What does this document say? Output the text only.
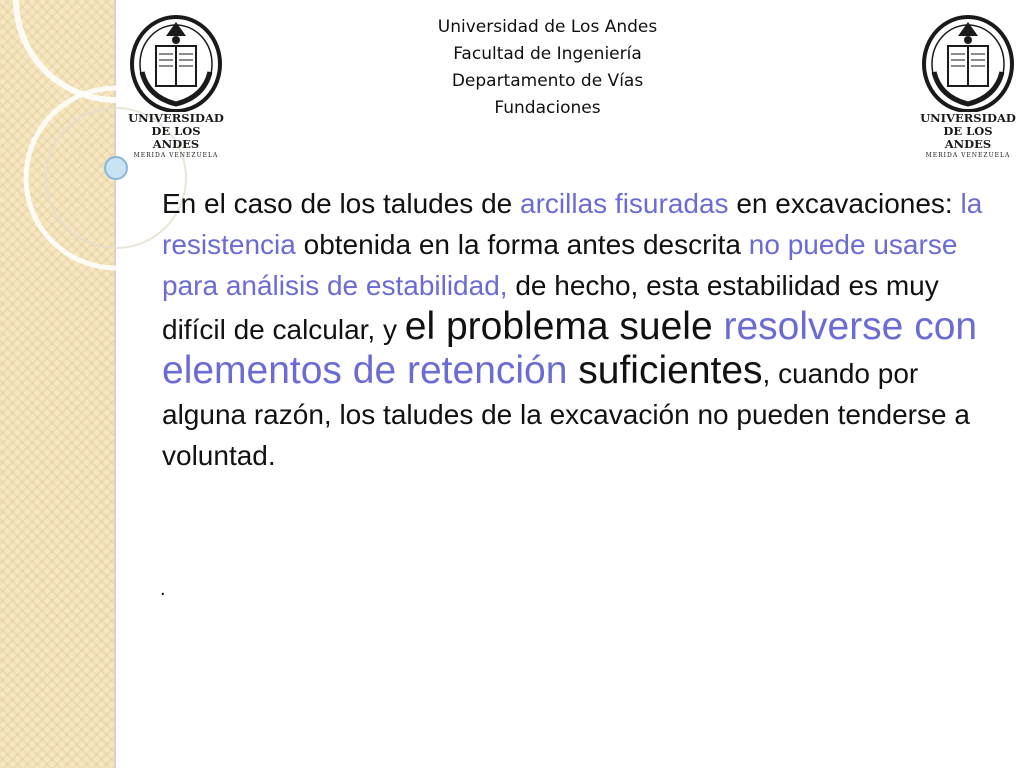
Universidad de Los Andes
Facultad de Ingeniería
Departamento de Vías
Fundaciones
UNIVERSIDAD
DE LOS ANDES
MERIDA VENEZUELA
UNIVERSIDAD
DE LOS ANDES
MERIDA VENEZUELA
En el caso de los taludes de arcillas fisuradas en excavaciones: la resistencia obtenida en la forma antes descrita no puede usarse para análisis de estabilidad, de hecho, esta estabilidad es muy difícil de calcular, y el problema suele resolverse con elementos de retención suficientes, cuando por alguna razón, los taludes de la excavación no pueden tenderse a voluntad.
.
